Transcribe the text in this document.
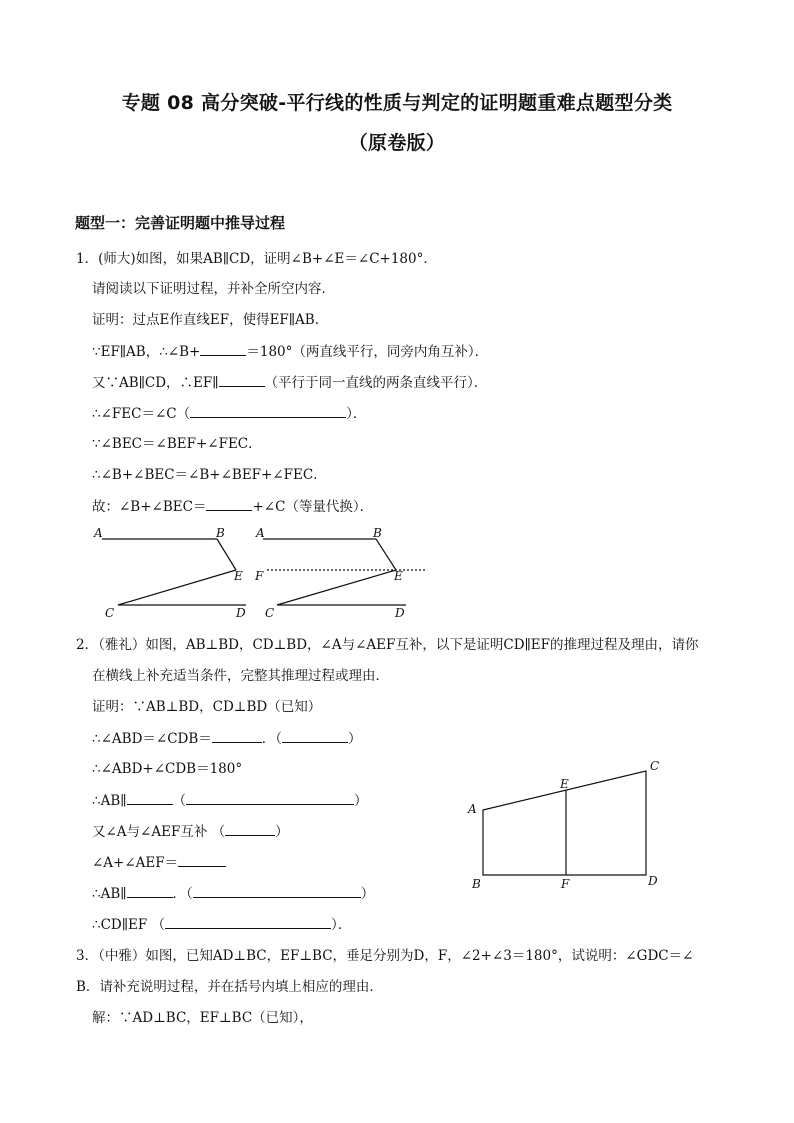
专题 08 高分突破-平行线的性质与判定的证明题重难点题型分类
（原卷版）
题型一：完善证明题中推导过程
1．(师大)如图，如果AB∥CD，证明∠B+∠E＝∠C+180°．
请阅读以下证明过程，并补全所空内容．
证明：过点E作直线EF，使得EF∥AB．
∵EF∥AB，∴∠B+	＝180°（两直线平行，同旁内角互补）．
又∵AB∥CD，∴EF∥	（平行于同一直线的两条直线平行）．
∴∠FEC＝∠C（	）．
∵∠BEC＝∠BEF+∠FEC．
∴∠B+∠BEC＝∠B+∠BEF+∠FEC．
故：∠B+∠BEC＝	+∠C（等量代换）．
A	B
E
C	D
A	B
F	E
C	D
2．（雅礼）如图，AB⊥BD，CD⊥BD，∠A与∠AEF互补，以下是证明CD∥EF的推理过程及理由，请你
在横线上补充适当条件，完整其推理过程或理由．
证明：∵AB⊥BD，CD⊥BD（已知）
∴∠ABD＝∠CDB＝	．（	）
∴∠ABD+∠CDB＝180°
∴AB∥	（	）
又∠A与∠AEF互补 （	）
∠A+∠AEF＝
∴AB∥	．（	）
∴CD∥EF （	）．
A
B
C
D
E
F
3．（中雅）如图，已知AD⊥BC，EF⊥BC，垂足分别为D，F，∠2+∠3＝180°，试说明：∠GDC＝∠
B．请补充说明过程，并在括号内填上相应的理由．
解：∵AD⊥BC，EF⊥BC（已知），
